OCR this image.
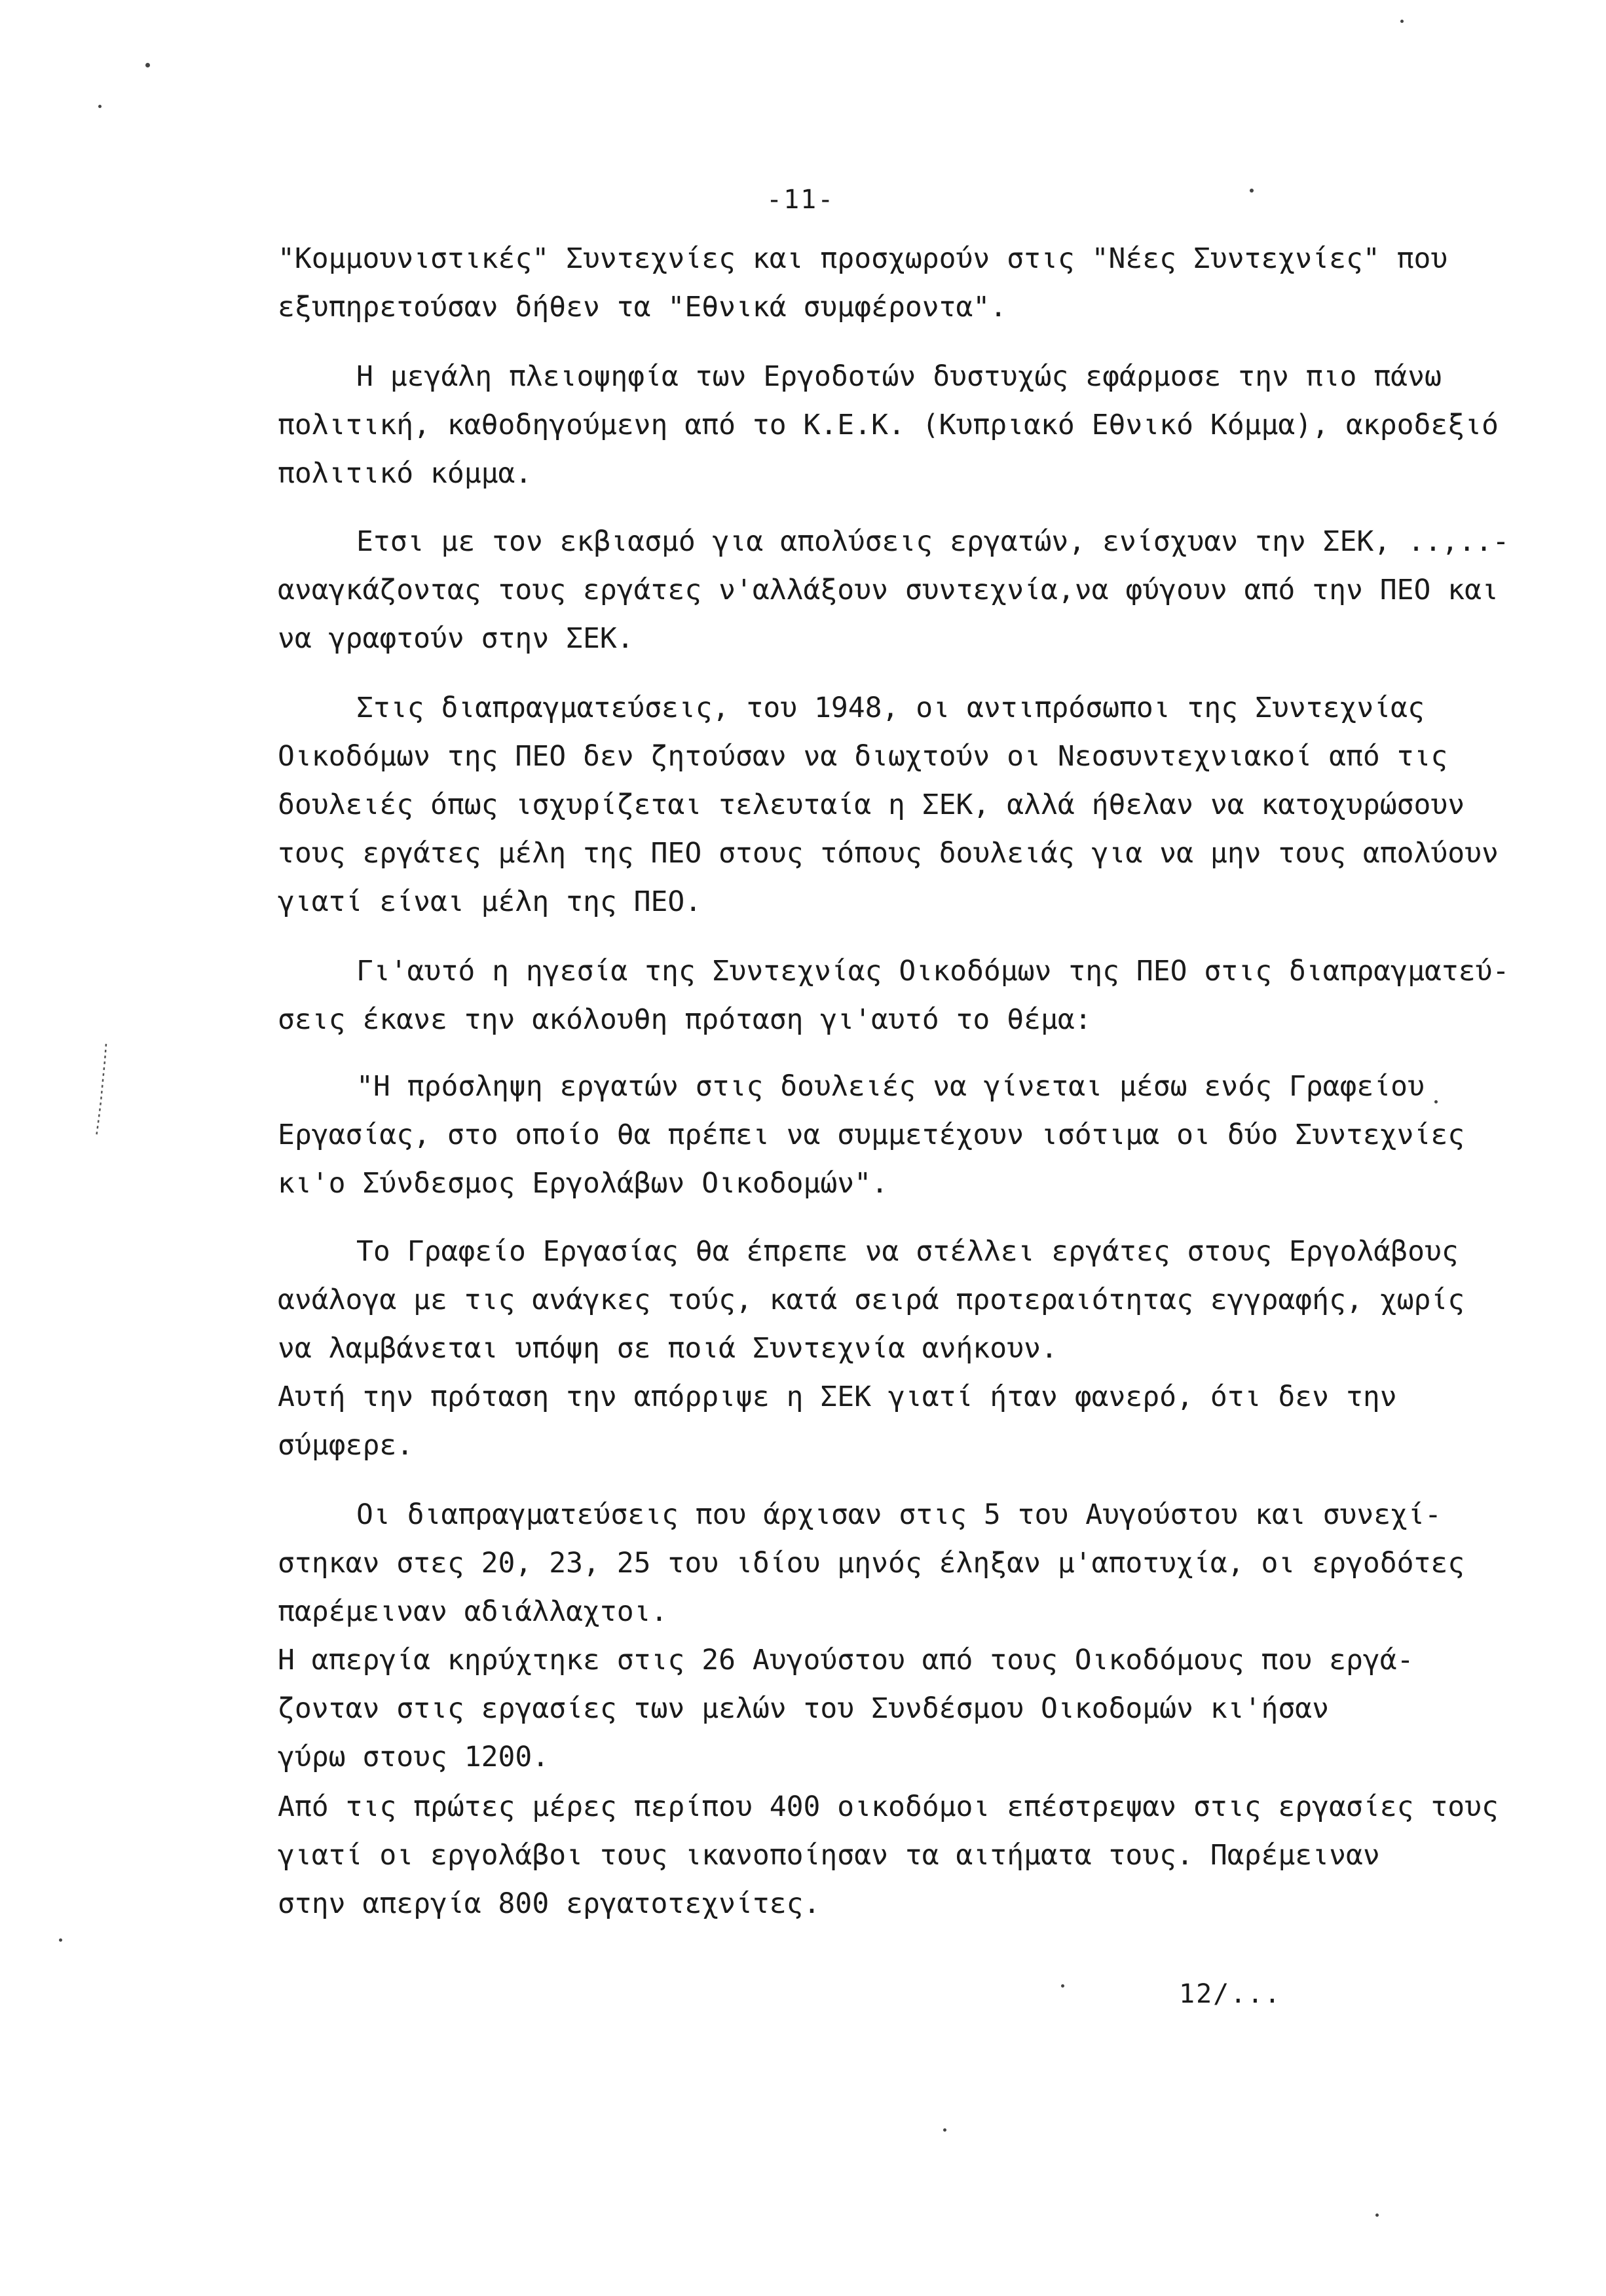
-11-
"Κομμουνιστικές" Συντεχνίες και προσχωρούν στις "Νέες Συντεχνίες" που
εξυπηρετούσαν δήθεν τα "Εθνικά συμφέροντα".
Η μεγάλη πλειοψηφία των Εργοδοτών δυστυχώς εφάρμοσε την πιο πάνω
πολιτική, καθοδηγούμενη από το Κ.Ε.Κ. (Κυπριακό Εθνικό Κόμμα), ακροδεξιό
πολιτικό κόμμα.
Ετσι με τον εκβιασμό για απολύσεις εργατών, ενίσχυαν την ΣΕΚ, ..,..-
αναγκάζοντας τους εργάτες ν'αλλάξουν συντεχνία,να φύγουν από την ΠΕΟ και
να γραφτούν στην ΣΕΚ.
Στις διαπραγματεύσεις, του 1948, οι αντιπρόσωποι της Συντεχνίας
Οικοδόμων της ΠΕΟ δεν ζητούσαν να διωχτούν οι Νεοσυντεχνιακοί από τις
δουλειές όπως ισχυρίζεται τελευταία η ΣΕΚ, αλλά ήθελαν να κατοχυρώσουν
τους εργάτες μέλη της ΠΕΟ στους τόπους δουλειάς για να μην τους απολύουν
γιατί είναι μέλη της ΠΕΟ.
Γι'αυτό η ηγεσία της Συντεχνίας Οικοδόμων της ΠΕΟ στις διαπραγματεύ-
σεις έκανε την ακόλουθη πρόταση γι'αυτό το θέμα:
"Η πρόσληψη εργατών στις δουλειές να γίνεται μέσω ενός Γραφείου
Εργασίας, στο οποίο θα πρέπει να συμμετέχουν ισότιμα οι δύο Συντεχνίες
κι'ο Σύνδεσμος Εργολάβων Οικοδομών".
Το Γραφείο Εργασίας θα έπρεπε να στέλλει εργάτες στους Εργολάβους
ανάλογα με τις ανάγκες τούς, κατά σειρά προτεραιότητας εγγραφής, χωρίς
να λαμβάνεται υπόψη σε ποιά Συντεχνία ανήκουν.
Αυτή την πρόταση την απόρριψε η ΣΕΚ γιατί ήταν φανερό, ότι δεν την
σύμφερε.
Οι διαπραγματεύσεις που άρχισαν στις 5 του Αυγούστου και συνεχί-
στηκαν στες 20, 23, 25 του ιδίου μηνός έληξαν μ'αποτυχία, οι εργοδότες
παρέμειναν αδιάλλαχτοι.
Η απεργία κηρύχτηκε στις 26 Αυγούστου από τους Οικοδόμους που εργά-
ζονταν στις εργασίες των μελών του Συνδέσμου Οικοδομών κι'ήσαν
γύρω στους 1200.
Από τις πρώτες μέρες περίπου 400 οικοδόμοι επέστρεψαν στις εργασίες τους
γιατί οι εργολάβοι τους ικανοποίησαν τα αιτήματα τους. Παρέμειναν
στην απεργία 800 εργατοτεχνίτες.
12/...
